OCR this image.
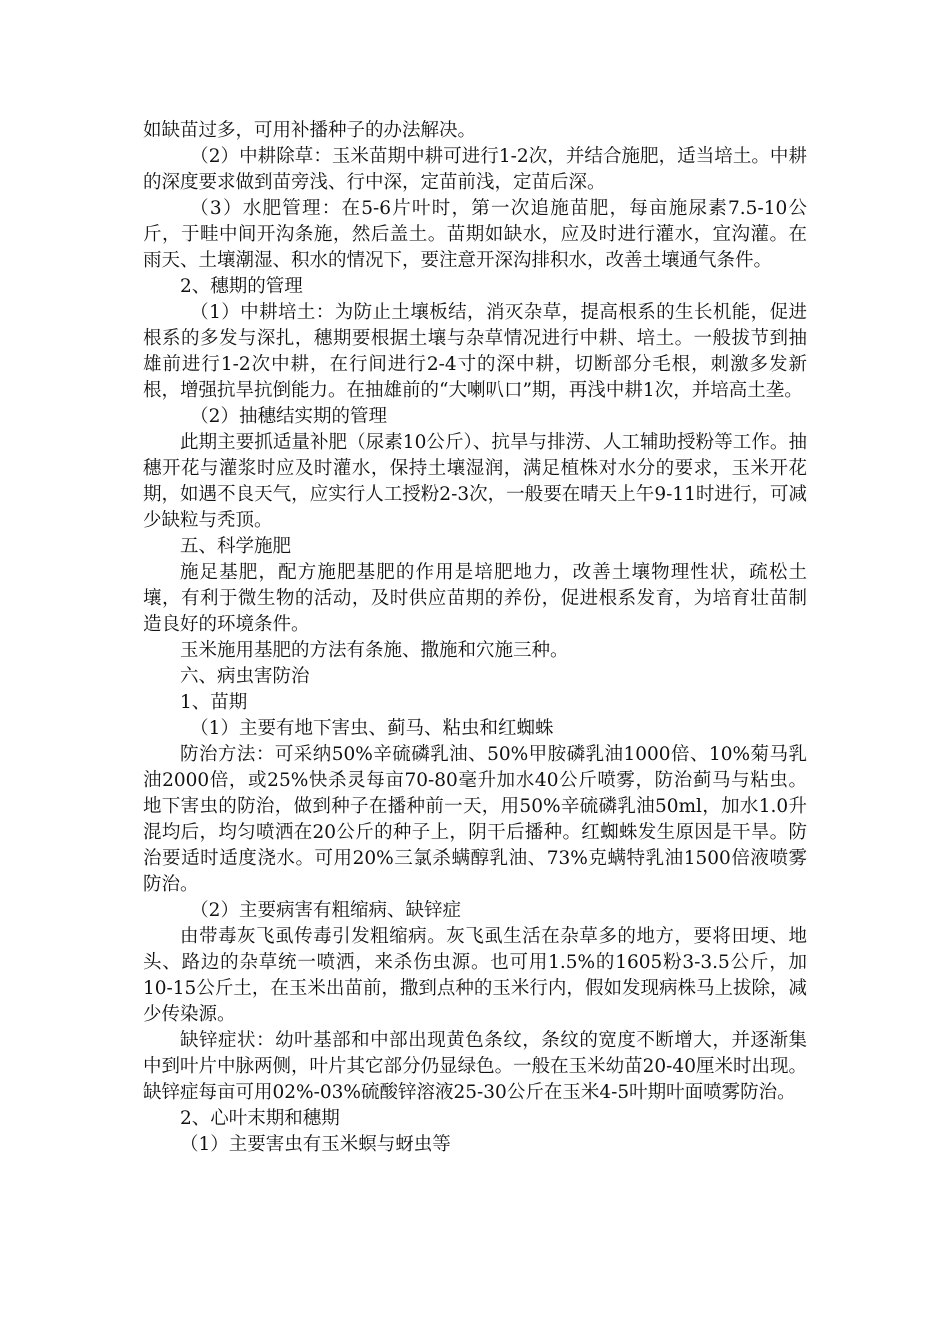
如缺苗过多，可用补播种子的办法解决。

（2）中耕除草：玉米苗期中耕可进行1-2次，并结合施肥，适当培土。中耕的深度要求做到苗旁浅、行中深，定苗前浅，定苗后深。

（3）水肥管理：在5-6片叶时，第一次追施苗肥，每亩施尿素7.5-10公斤，于畦中间开沟条施，然后盖土。苗期如缺水，应及时进行灌水，宜沟灌。在雨天、土壤潮湿、积水的情况下，要注意开深沟排积水，改善土壤通气条件。

2、穗期的管理

（1）中耕培土：为防止土壤板结，消灭杂草，提高根系的生长机能，促进根系的多发与深扎，穗期要根据土壤与杂草情况进行中耕、培土。一般拔节到抽雄前进行1-2次中耕，在行间进行2-4寸的深中耕，切断部分毛根，刺激多发新根，增强抗旱抗倒能力。在抽雄前的“大喇叭口”期，再浅中耕1次，并培高土垄。

（2）抽穗结实期的管理

此期主要抓适量补肥（尿素10公斤）、抗旱与排涝、人工辅助授粉等工作。抽穗开花与灌浆时应及时灌水，保持土壤湿润，满足植株对水分的要求，玉米开花期，如遇不良天气，应实行人工授粉2-3次，一般要在晴天上午9-11时进行，可减少缺粒与秃顶。

五、科学施肥

施足基肥，配方施肥基肥的作用是培肥地力，改善土壤物理性状，疏松土壤，有利于微生物的活动，及时供应苗期的养份，促进根系发育，为培育壮苗制造良好的环境条件。

玉米施用基肥的方法有条施、撒施和穴施三种。

六、病虫害防治

1、苗期

（1）主要有地下害虫、蓟马、粘虫和红蜘蛛

防治方法：可采纳50%辛硫磷乳油、50%甲胺磷乳油1000倍、10%菊马乳油2000倍，或25%快杀灵每亩70-80毫升加水40公斤喷雾，防治蓟马与粘虫。地下害虫的防治，做到种子在播种前一天，用50%辛硫磷乳油50ml，加水1.0升混均后，均匀喷洒在20公斤的种子上，阴干后播种。红蜘蛛发生原因是干旱。防治要适时适度浇水。可用20%三氯杀螨醇乳油、73%克螨特乳油1500倍液喷雾防治。

（2）主要病害有粗缩病、缺锌症

由带毒灰飞虱传毒引发粗缩病。灰飞虱生活在杂草多的地方，要将田埂、地头、路边的杂草统一喷洒，来杀伤虫源。也可用1.5%的1605粉3-3.5公斤，加10-15公斤土，在玉米出苗前，撒到点种的玉米行内，假如发现病株马上拔除，减少传染源。

缺锌症状：幼叶基部和中部出现黄色条纹，条纹的宽度不断增大，并逐渐集中到叶片中脉两侧，叶片其它部分仍显绿色。一般在玉米幼苗20-40厘米时出现。缺锌症每亩可用02%-03%硫酸锌溶液25-30公斤在玉米4-5叶期叶面喷雾防治。

2、心叶末期和穗期

（1）主要害虫有玉米螟与蚜虫等
